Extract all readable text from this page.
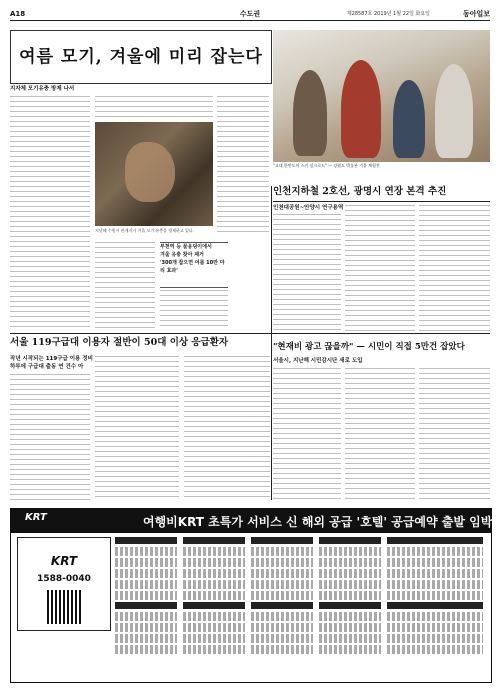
A18	수도권	제28587호 2019년 1월 22일 화요일	동아일보
여름 모기, 겨울에 미리 잡는다
지자체 모기유충 방제 나서
지난해 수원시 관계자가 겨울 모기 유충을 방제하고 있다.
부천역 등 물웅덩이에서
겨울 유충 찾아 제거
'300개 잡으면 여름 10만 마리 효과'
"고대 한반도의 스키 실크로드" — 강원도 박물관 겨울 체험전
인천지하철 2호선, 광명시 연장 본격 추진
인천대공원~안양시 연구용역
서울 119구급대 이용자 절반이 50대 이상 응급환자
작년 시작되는 119구급 이용 정비
하루에 구급대 출동 연 건수 아
"현재비 광고 끊을까" — 시민이 직접 5만건 잡았다
서울시, 지난해 시민감시단 새로 도입
KRT	여행비KRT 초특가 서비스 신 해외 공급 '호텔' 공급예약 출발 임박
KRT
1588-0040
